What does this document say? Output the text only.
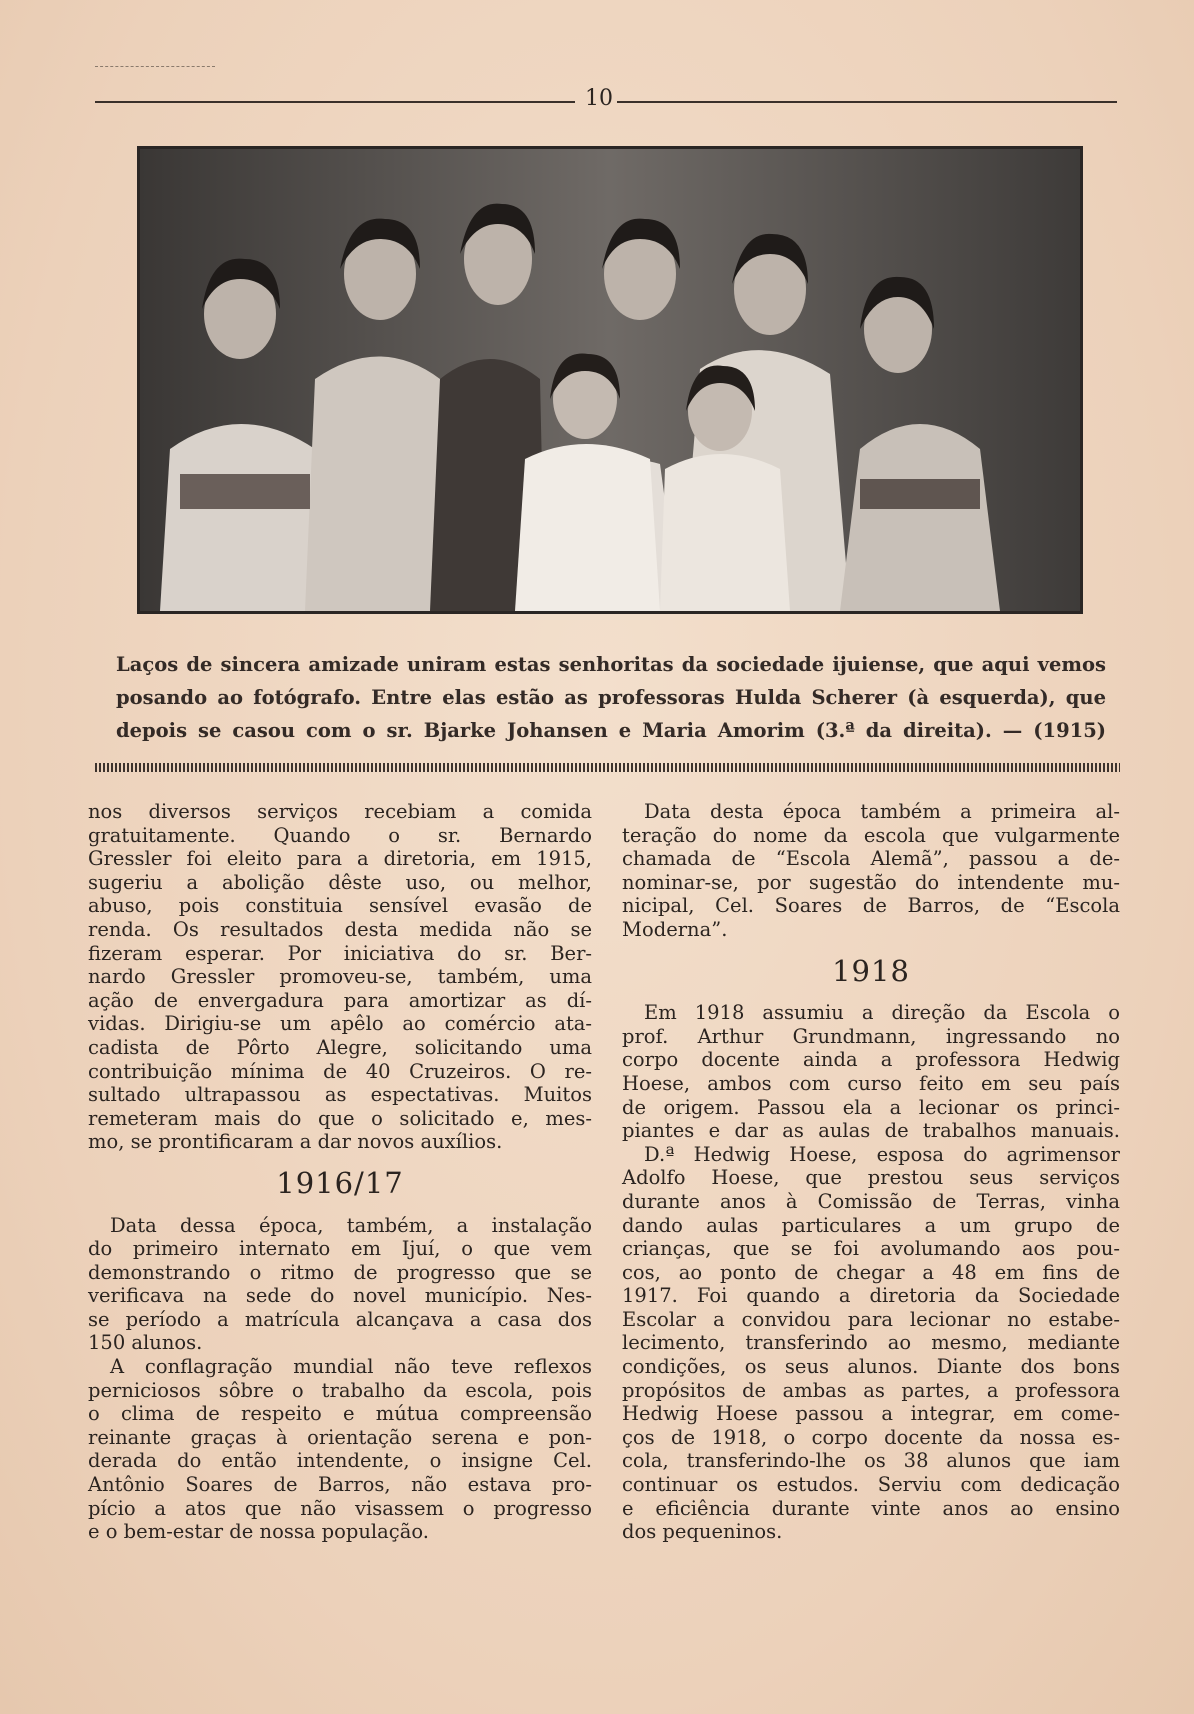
10

Laços de sincera amizade uniram estas senhoritas da sociedade ijuiense, que aqui vemos

posando ao fotógrafo. Entre elas estão as professoras Hulda Scherer (à esquerda), que

depois se casou com o sr. Bjarke Johansen e Maria Amorim (3.ª da direita). — (1915)

nos diversos serviços recebiam a comida
gratuitamente. Quando o sr. Bernardo
Gressler foi eleito para a diretoria, em 1915,
sugeriu a abolição dêste uso, ou melhor,
abuso, pois constituia sensível evasão de
renda. Os resultados desta medida não se
fizeram esperar. Por iniciativa do sr. Ber-
nardo Gressler promoveu-se, também, uma
ação de envergadura para amortizar as dí-
vidas. Dirigiu-se um apêlo ao comércio ata-
cadista de Pôrto Alegre, solicitando uma
contribuição mínima de 40 Cruzeiros. O re-
sultado ultrapassou as espectativas. Muitos
remeteram mais do que o solicitado e, mes-
mo, se prontificaram a dar novos auxílios.

1916/17

Data dessa época, também, a instalação

do primeiro internato em Ijuí, o que vem
demonstrando o ritmo de progresso que se
verificava na sede do novel município. Nes-
se período a matrícula alcançava a casa dos
150 alunos.

A conflagração mundial não teve reflexos

perniciosos sôbre o trabalho da escola, pois
o clima de respeito e mútua compreensão
reinante graças à orientação serena e pon-
derada do então intendente, o insigne Cel.
Antônio Soares de Barros, não estava pro-
pício a atos que não visassem o progresso
e o bem-estar de nossa população.

Data desta época também a primeira al-

teração do nome da escola que vulgarmente
chamada de “Escola Alemã”, passou a de-
nominar-se, por sugestão do intendente mu-
nicipal, Cel. Soares de Barros, de “Escola
Moderna”.

1918

Em 1918 assumiu a direção da Escola o

prof. Arthur Grundmann, ingressando no
corpo docente ainda a professora Hedwig
Hoese, ambos com curso feito em seu país
de origem. Passou ela a lecionar os princi-
piantes e dar as aulas de trabalhos manuais.

D.ª Hedwig Hoese, esposa do agrimensor

Adolfo Hoese, que prestou seus serviços
durante anos à Comissão de Terras, vinha
dando aulas particulares a um grupo de
crianças, que se foi avolumando aos pou-
cos, ao ponto de chegar a 48 em fins de
1917. Foi quando a diretoria da Sociedade
Escolar a convidou para lecionar no estabe-
lecimento, transferindo ao mesmo, mediante
condições, os seus alunos. Diante dos bons
propósitos de ambas as partes, a professora
Hedwig Hoese passou a integrar, em come-
ços de 1918, o corpo docente da nossa es-
cola, transferindo-lhe os 38 alunos que iam
continuar os estudos. Serviu com dedicação
e eficiência durante vinte anos ao ensino
dos pequeninos.
